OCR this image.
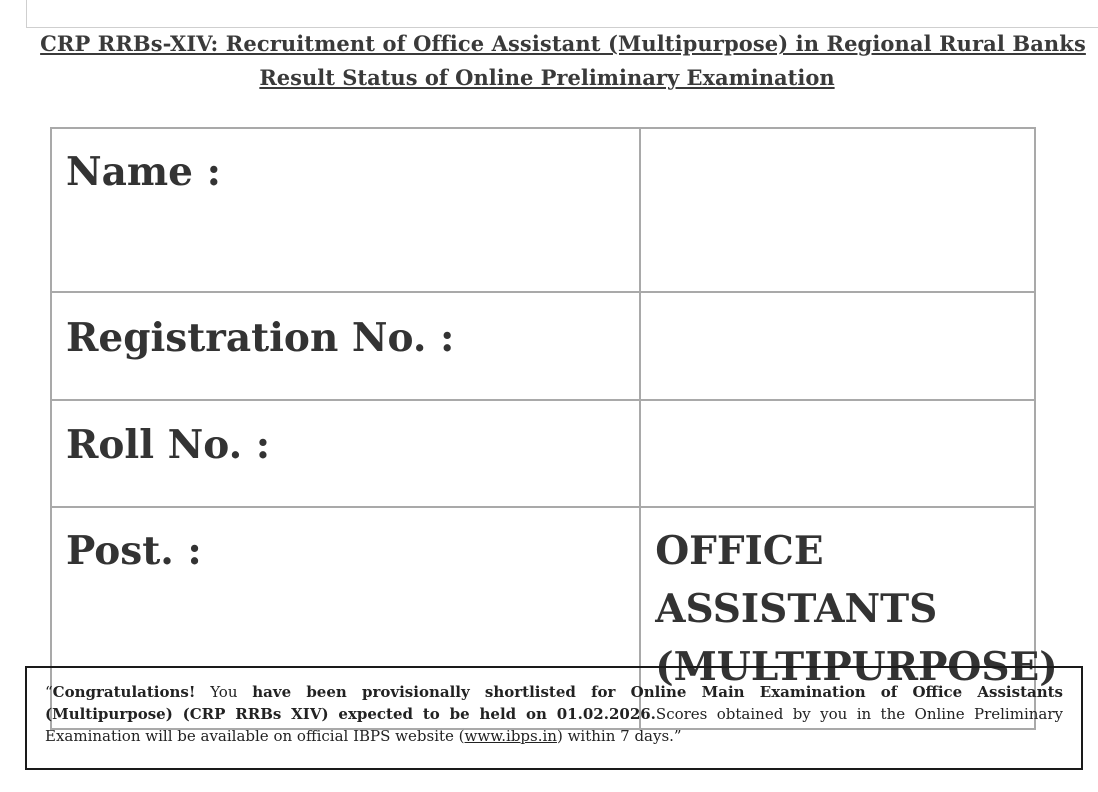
CRP RRBs-XIV: Recruitment of Office Assistant (Multipurpose) in Regional Rural Banks
Result Status of Online Preliminary Examination
Name :	
Registration No. :	
Roll No. :	
Post. :	OFFICE
ASSISTANTS
(MULTIPURPOSE)
“Congratulations! You have been provisionally shortlisted for Online Main Examination of Office Assistants (Multipurpose) (CRP RRBs XIV) expected to be held on 01.02.2026.Scores obtained by you in the Online Preliminary Examination will be available on official IBPS website (www.ibps.in) within 7 days.”
